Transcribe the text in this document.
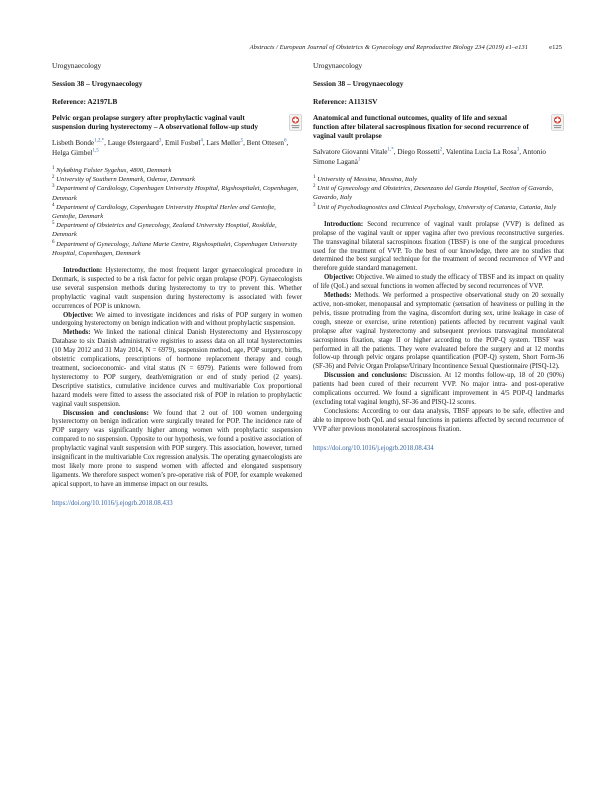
Abstracts / European Journal of Obstetrics & Gynecology and Reproductive Biology 234 (2019) e1–e131	e125

Urogynaecology

Session 38 – Urogynaecology

Reference: A2197LB

Pelvic organ prolapse surgery after prophylactic vaginal vault suspension during hysterectomy – A observational follow-up study

Lisbeth Bonde$^{1,2,*}$, Lauge Østergaard$^3$, Emil Fosbøl$^4$, Lars Møller$^5$, Bent Ottesen$^6$, Helga Gimbel$^{1,5}$

$^1$ Nykøbing Falster Sygehus, 4800, Denmark
$^2$ University of Southern Denmark, Odense, Denmark
$^3$ Department of Cardiology, Copenhagen University Hospital, Rigshospitalet, Copenhagen, Denmark
$^4$ Department of Cardiology, Copenhagen University Hospital Herlev and Gentofte, Gentofte, Denmark
$^5$ Department of Obstetrics and Gynecology, Zealand University Hospital, Roskilde, Denmark
$^6$ Department of Gynecology, Juliane Marie Centre, Rigshospitalet, Copenhagen University Hospital, Copenhagen, Denmark

Introduction: Hysterectomy, the most frequent larger gynaecological procedure in Denmark, is suspected to be a risk factor for pelvic organ prolapse (POP). Gynaecologists use several suspension methods during hysterectomy to try to prevent this. Whether prophylactic vaginal vault suspension during hysterectomy is associated with fewer occurrences of POP is unknown.

Objective: We aimed to investigate incidences and risks of POP surgery in women undergoing hysterectomy on benign indication with and without prophylactic suspension.

Methods: We linked the national clinical Danish Hysterectomy and Hysteroscopy Database to six Danish administrative registries to assess data on all total hysterectomies (10 May 2012 and 31 May 2014, N = 6979), suspension method, age, POP surgery, births, obstetric complications, prescriptions of hormone replacement therapy and cough treatment, socioeconomic- and vital status (N = 6979). Patients were followed from hysterectomy to POP surgery, death/emigration or end of study period (2 years). Descriptive statistics, cumulative incidence curves and multivariable Cox proportional hazard models were fitted to assess the associated risk of POP in relation to prophylactic vaginal vault suspension.

Discussion and conclusions: We found that 2 out of 100 women undergoing hysterectomy on benign indication were surgically treated for POP. The incidence rate of POP surgery was significantly higher among women with prophylactic suspension compared to no suspension. Opposite to our hypothesis, we found a positive association of prophylactic vaginal vault suspension with POP surgery. This association, however, turned insignificant in the multivariable Cox regression analysis. The operating gynaecologists are most likely more prone to suspend women with affected and elongated suspensory ligaments. We therefore suspect women’s pre-operative risk of POP, for example weakened apical support, to have an immense impact on our results.

https://doi.org/10.1016/j.ejogrb.2018.08.433

Urogynaecology

Session 38 – Urogynaecology

Reference: A1131SV

Anatomical and functional outcomes, quality of life and sexual function after bilateral sacrospinous fixation for second recurrence of vaginal vault prolapse

Salvatore Giovanni Vitale$^{1,*}$, Diego Rossetti$^2$, Valentina Lucia La Rosa$^3$, Antonio Simone Laganà$^1$

$^1$ University of Messina, Messina, Italy
$^2$ Unit of Gynecology and Obstetrics, Desenzano del Garda Hospital, Section of Gavardo, Gavardo, Italy
$^3$ Unit of Psychodiagnostics and Clinical Psychology, University of Catania, Catania, Italy

Introduction: Second recurrence of vaginal vault prolapse (VVP) is defined as prolapse of the vaginal vault or upper vagina after two previous reconstructive surgeries. The transvaginal bilateral sacrospinous fixation (TBSF) is one of the surgical procedures used for the treatment of VVP. To the best of our knowledge, there are no studies that determined the best surgical technique for the treatment of second recurrence of VVP and therefore guide standard management.

Objective: Objective. We aimed to study the efficacy of TBSF and its impact on quality of life (QoL) and sexual functions in women affected by second recurrences of VVP.

Methods: Methods. We performed a prospective observational study on 20 sexually active, non-smoker, menopausal and symptomatic (sensation of heaviness or pulling in the pelvis, tissue protruding from the vagina, discomfort during sex, urine leakage in case of cough, sneeze or exercise, urine retention) patients affected by recurrent vaginal vault prolapse after vaginal hysterectomy and subsequent previous transvaginal monolateral sacrospinous fixation, stage II or higher according to the POP-Q system. TBSF was performed in all the patients. They were evaluated before the surgery and at 12 months follow-up through pelvic organs prolapse quantification (POP-Q) system, Short Form-36 (SF-36) and Pelvic Organ Prolapse/Urinary Incontinence Sexual Questionnaire (PISQ-12).

Discussion and conclusions: Discussion. At 12 months follow-up, 18 of 20 (90%) patients had been cured of their recurrent VVP. No major intra- and post-operative complications occurred. We found a significant improvement in 4/5 POP-Q landmarks (excluding total vaginal length), SF-36 and PISQ-12 scores.

Conclusions: According to our data analysis, TBSF appears to be safe, effective and able to improve both QoL and sexual functions in patients affected by second recurrence of VVP after previous monolateral sacrospinous fixation.

https://doi.org/10.1016/j.ejogrb.2018.08.434
